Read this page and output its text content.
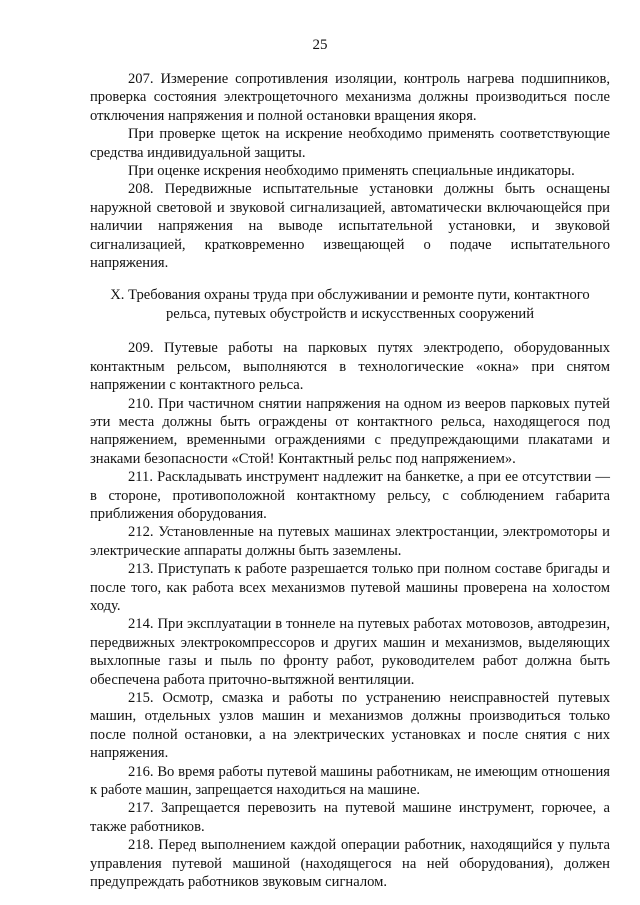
25

207. Измерение сопротивления изоляции, контроль нагрева подшипников, проверка состояния электрощеточного механизма должны производиться после отключения напряжения и полной остановки вращения якоря.

При проверке щеток на искрение необходимо применять соответствующие средства индивидуальной защиты.

При оценке искрения необходимо применять специальные индикаторы.

208. Передвижные испытательные установки должны быть оснащены наружной световой и звуковой сигнализацией, автоматически включающейся при наличии напряжения на выводе испытательной установки, и звуковой сигнализацией, кратковременно извещающей о подаче испытательного напряжения.

X. Требования охраны труда при обслуживании и ремонте пути, контактного рельса, путевых обустройств и искусственных сооружений

209. Путевые работы на парковых путях электродепо, оборудованных контактным рельсом, выполняются в технологические «окна» при снятом напряжении с контактного рельса.

210. При частичном снятии напряжения на одном из вееров парковых путей эти места должны быть ограждены от контактного рельса, находящегося под напряжением, временными ограждениями с предупреждающими плакатами и знаками безопасности «Стой! Контактный рельс под напряжением».

211. Раскладывать инструмент надлежит на банкетке, а при ее отсутствии — в стороне, противоположной контактному рельсу, с соблюдением габарита приближения оборудования.

212. Установленные на путевых машинах электростанции, электромоторы и электрические аппараты должны быть заземлены.

213. Приступать к работе разрешается только при полном составе бригады и после того, как работа всех механизмов путевой машины проверена на холостом ходу.

214. При эксплуатации в тоннеле на путевых работах мотовозов, автодрезин, передвижных электрокомпрессоров и других машин и механизмов, выделяющих выхлопные газы и пыль по фронту работ, руководителем работ должна быть обеспечена работа приточно-вытяжной вентиляции.

215. Осмотр, смазка и работы по устранению неисправностей путевых машин, отдельных узлов машин и механизмов должны производиться только после полной остановки, а на электрических установках и после снятия с них напряжения.

216. Во время работы путевой машины работникам, не имеющим отношения к работе машин, запрещается находиться на машине.

217. Запрещается перевозить на путевой машине инструмент, горючее, а также работников.

218. Перед выполнением каждой операции работник, находящийся у пульта управления путевой машиной (находящегося на ней оборудования), должен предупреждать работников звуковым сигналом.
